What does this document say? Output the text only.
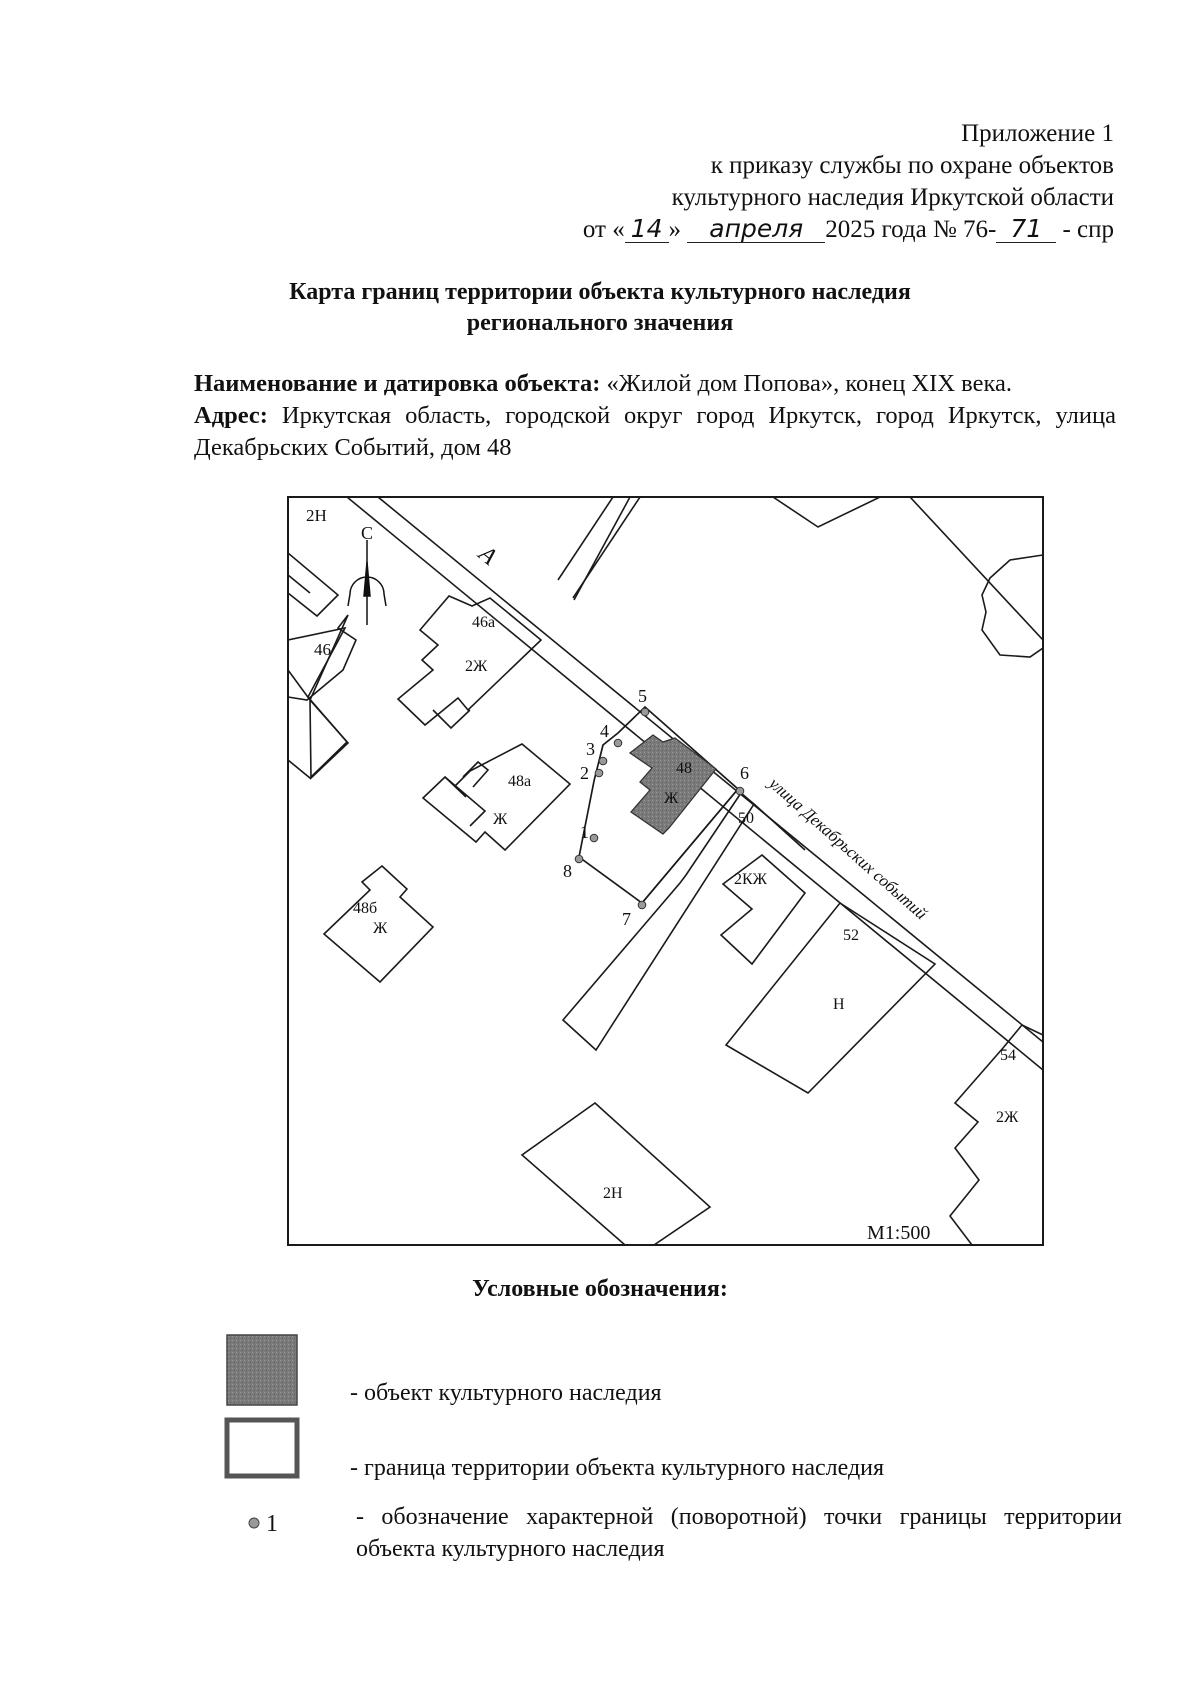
Приложение 1
к приказу службы по охране объектов
культурного наследия Иркутской области
от « 14 » апреля 2025 года № 76- 71 - спр
Карта границ территории объекта культурного наследия
регионального значения
Наименование и датировка объекта: «Жилой дом Попова», конец XIX века.
Адрес: Иркутская область, городской округ город Иркутск, город Иркутск, улица Декабрьских Событий, дом 48
2Н
С
А
46
46а
2Ж
48а
Ж
48б
Ж
48
Ж
50
2КЖ
52
Н
54
2Ж
2Н
улица Декабрьских событий
М1:500
1
2
3
4
5
6
7
8
Условные обозначения:
- объект культурного наследия
- граница территории объекта культурного наследия
1	- обозначение характерной (поворотной) точки границы территории объекта культурного наследия
